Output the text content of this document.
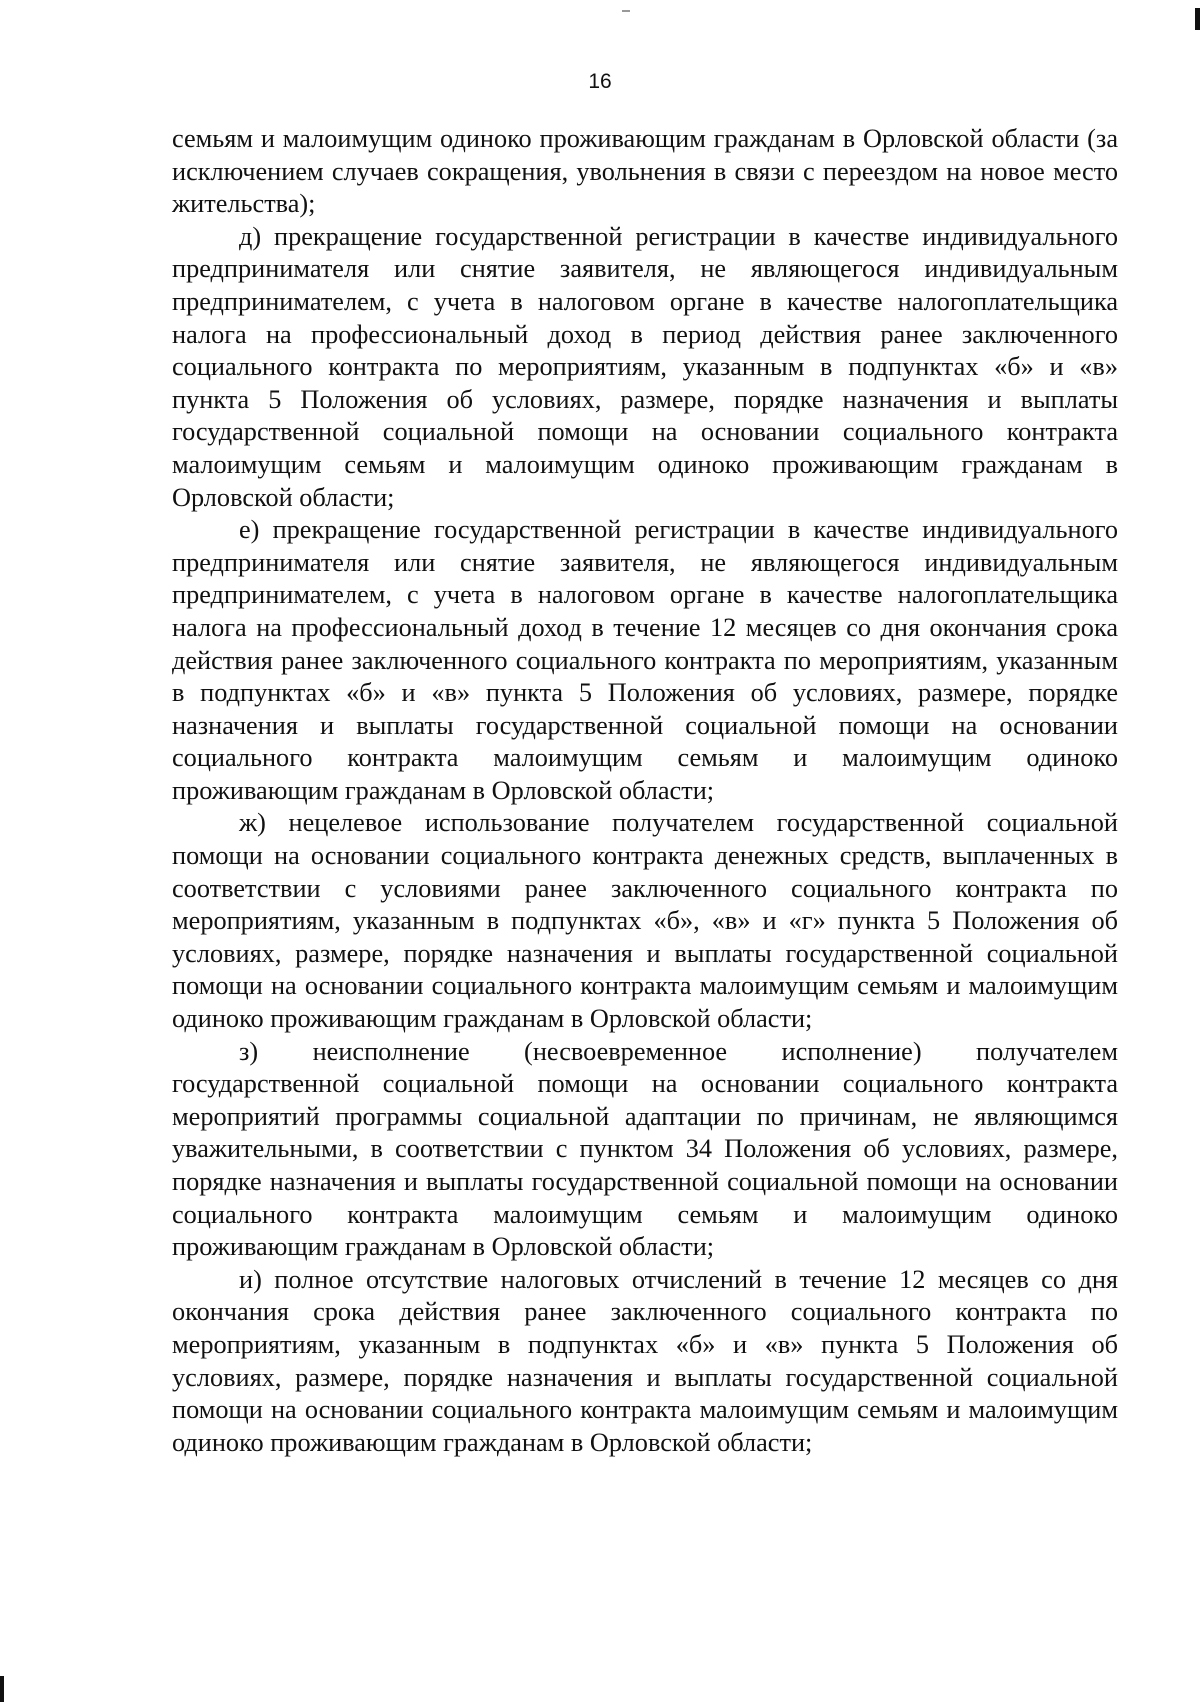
16

семьям и малоимущим одиноко проживающим гражданам в Орловской области (за исключением случаев сокращения, увольнения в связи с переездом на новое место жительства);

д) прекращение государственной регистрации в качестве индивидуального предпринимателя или снятие заявителя, не являющегося индивидуальным предпринимателем, с учета в налоговом органе в качестве налогоплательщика налога на профессиональный доход в период действия ранее заключенного социального контракта по мероприятиям, указанным в подпунктах «б» и «в» пункта 5 Положения об условиях, размере, порядке назначения и выплаты государственной социальной помощи на основании социального контракта малоимущим семьям и малоимущим одиноко проживающим гражданам в Орловской области;

е) прекращение государственной регистрации в качестве индивидуального предпринимателя или снятие заявителя, не являющегося индивидуальным предпринимателем, с учета в налоговом органе в качестве налогоплательщика налога на профессиональный доход в течение 12 месяцев со дня окончания срока действия ранее заключенного социального контракта по мероприятиям, указанным в подпунктах «б» и «в» пункта 5 Положения об условиях, размере, порядке назначения и выплаты государственной социальной помощи на основании социального контракта малоимущим семьям и малоимущим одиноко проживающим гражданам в Орловской области;

ж) нецелевое использование получателем государственной социальной помощи на основании социального контракта денежных средств, выплаченных в соответствии с условиями ранее заключенного социального контракта по мероприятиям, указанным в подпунктах «б», «в» и «г» пункта 5 Положения об условиях, размере, порядке назначения и выплаты государственной социальной помощи на основании социального контракта малоимущим семьям и малоимущим одиноко проживающим гражданам в Орловской области;

з) неисполнение (несвоевременное исполнение) получателем государственной социальной помощи на основании социального контракта мероприятий программы социальной адаптации по причинам, не являющимся уважительными, в соответствии с пунктом 34 Положения об условиях, размере, порядке назначения и выплаты государственной социальной помощи на основании социального контракта малоимущим семьям и малоимущим одиноко проживающим гражданам в Орловской области;

и) полное отсутствие налоговых отчислений в течение 12 месяцев со дня окончания срока действия ранее заключенного социального контракта по мероприятиям, указанным в подпунктах «б» и «в» пункта 5 Положения об условиях, размере, порядке назначения и выплаты государственной социальной помощи на основании социального контракта малоимущим семьям и малоимущим одиноко проживающим гражданам в Орловской области;
